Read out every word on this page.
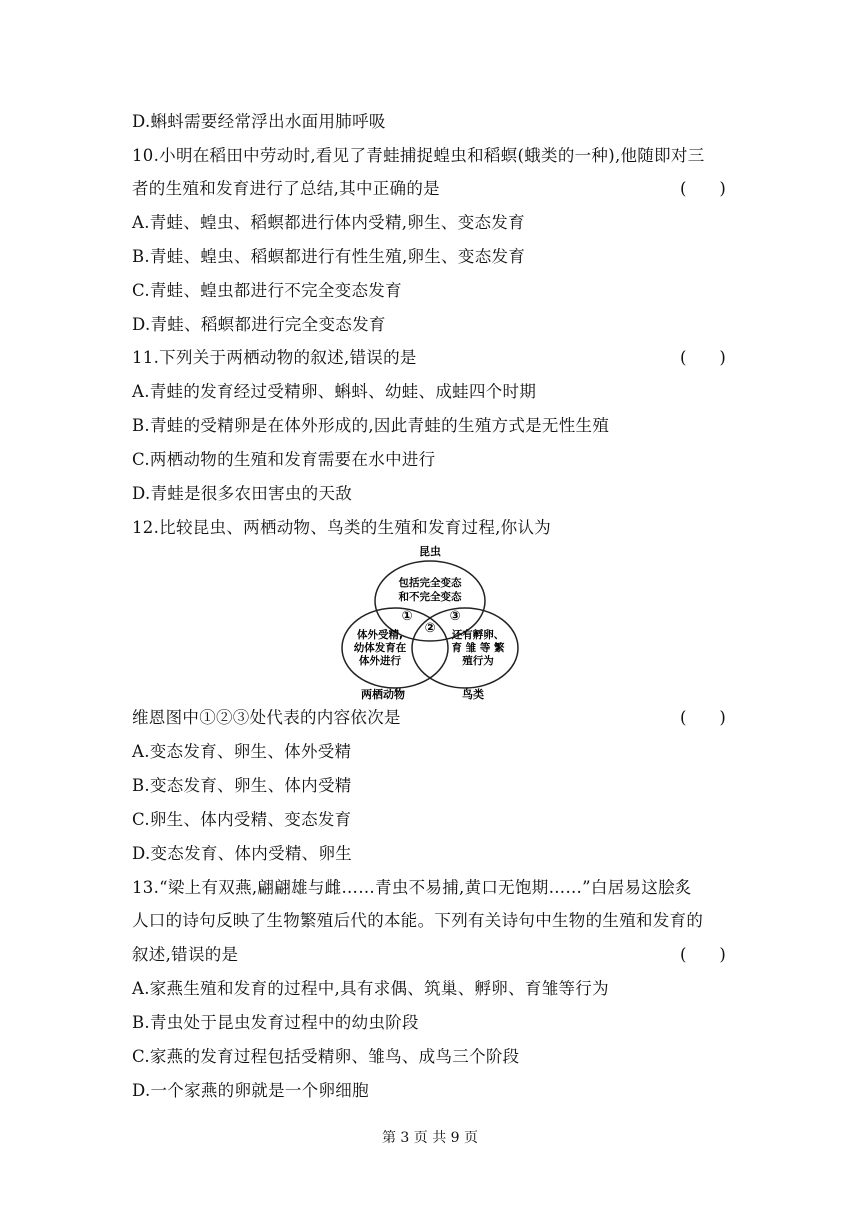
D.蝌蚪需要经常浮出水面用肺呼吸
10.小明在稻田中劳动时,看见了青蛙捕捉蝗虫和稻螟(蛾类的一种),他随即对三
者的生殖和发育进行了总结,其中正确的是	(　　)
A.青蛙、蝗虫、稻螟都进行体内受精,卵生、变态发育
B.青蛙、蝗虫、稻螟都进行有性生殖,卵生、变态发育
C.青蛙、蝗虫都进行不完全变态发育
D.青蛙、稻螟都进行完全变态发育
11.下列关于两栖动物的叙述,错误的是	(　　)
A.青蛙的发育经过受精卵、蝌蚪、幼蛙、成蛙四个时期
B.青蛙的受精卵是在体外形成的,因此青蛙的生殖方式是无性生殖
C.两栖动物的生殖和发育需要在水中进行
D.青蛙是很多农田害虫的天敌
12.比较昆虫、两栖动物、鸟类的生殖和发育过程,你认为
昆虫
包括完全变态
和不完全变态
①
②
③
体外受精,
幼体发育在
体外进行
还有孵卵、
育 雏 等 繁
殖行为
两栖动物	鸟类
维恩图中①②③处代表的内容依次是	(　　)
A.变态发育、卵生、体外受精
B.变态发育、卵生、体内受精
C.卵生、体内受精、变态发育
D.变态发育、体内受精、卵生
13.“梁上有双燕,翩翩雄与雌……青虫不易捕,黄口无饱期……”白居易这脍炙
人口的诗句反映了生物繁殖后代的本能。下列有关诗句中生物的生殖和发育的
叙述,错误的是	(　　)
A.家燕生殖和发育的过程中,具有求偶、筑巢、孵卵、育雏等行为
B.青虫处于昆虫发育过程中的幼虫阶段
C.家燕的发育过程包括受精卵、雏鸟、成鸟三个阶段
D.一个家燕的卵就是一个卵细胞
第 3 页 共 9 页
